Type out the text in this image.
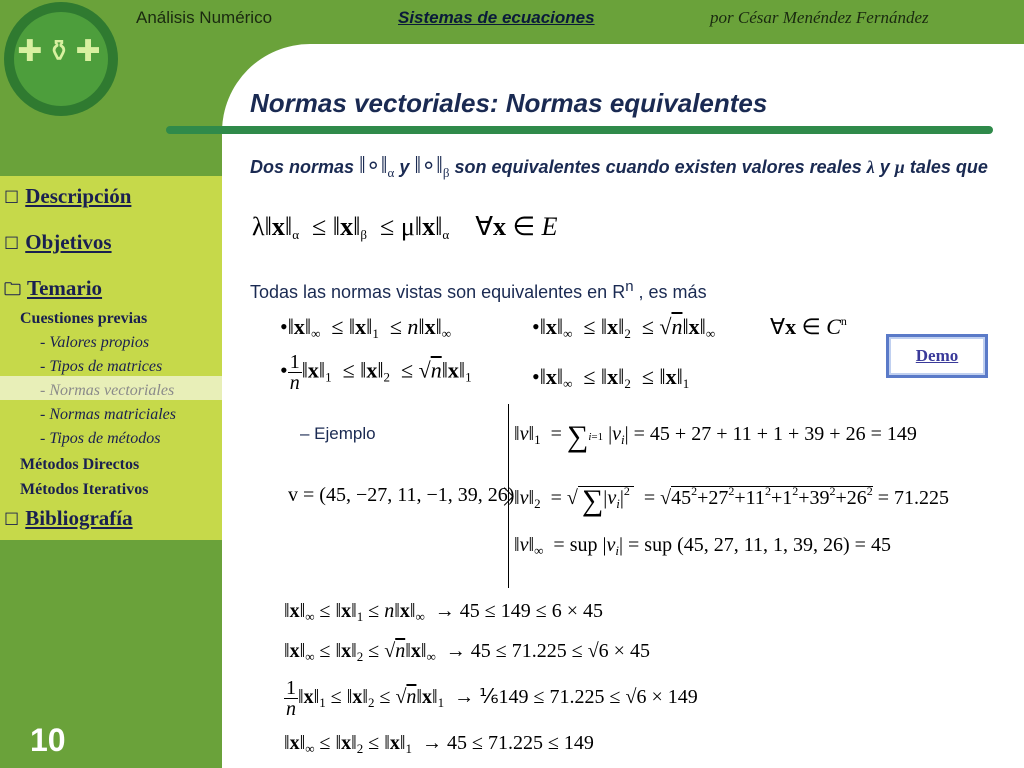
Análisis Numérico	Sistemas de ecuaciones	por César Menéndez Fernández
✚⚱✚
☐ Descripción
☐ Objetivos
🗀 Temario
Cuestiones previas
- Valores propios
- Tipos de matrices
- Normas vectoriales
- Normas matriciales
- Tipos de métodos
Métodos Directos
Métodos Iterativos
☐ Bibliografía
10
Normas vectoriales: Normas equivalentes
Dos normas $‖\circ‖_\alpha$ y $‖\circ‖_\beta$ son equivalentes cuando existen valores reales λ y μ tales que
$\lambda‖x‖_\alpha$  ≤ $‖x‖_\beta$  ≤ $\mu‖x‖_\alpha$    ∀x ∈ E
Todas las normas vistas son equivalentes en $R^n$ , es más
$•‖x‖_\infty$  ≤ $‖x‖_1$  ≤ $n‖x‖_\infty$	$•‖x‖_\infty$  ≤ $‖x‖_2$  ≤ $√n‖x‖_\infty$ ∀x ∈ $C^n$
• $\frac{1}{n}$ $‖x‖_1$  ≤ $‖x‖_2$  ≤ $√n‖x‖_1$	$•‖x‖_\infty$  ≤ $‖x‖_2$  ≤ $‖x‖_1$
Demo
– Ejemplo
v = (45, −27, 11, −1, 39, 26)
$‖v‖_1 = \sum i=1$ $|v_i| = 45 + 27 + 11 + 1 + 39 + 26 = 149$
$‖v‖_2$  = √ $\sum|v_i|^2 = √45^2+27^2+11^2+1^2+39^2+26^2 = 71.225$
$‖v‖_\infty$  = sup $|v_i|$ = sup (45, 27, 11, 1, 39, 26) = 45
$‖x‖_\infty$ ≤ $‖x‖_1$ ≤ $n‖x‖_\infty \to 45 \le 149 \le 6 \times 45$
$‖x‖_\infty$ ≤ $‖x‖_2$ ≤ $√n‖x‖_\infty \to 45 \le 71.225 \le √6 \times 45$
$\frac{1}{n}$ $‖x‖_1$ ≤ $‖x‖_2$ ≤ $√n‖x‖_1$ → ⅙149 ≤ 71.225 ≤ √6 × 149
$‖x‖_\infty$ ≤ $‖x‖_2$ ≤ $‖x‖_1 \to 45 \le 71.225 \le 149$
